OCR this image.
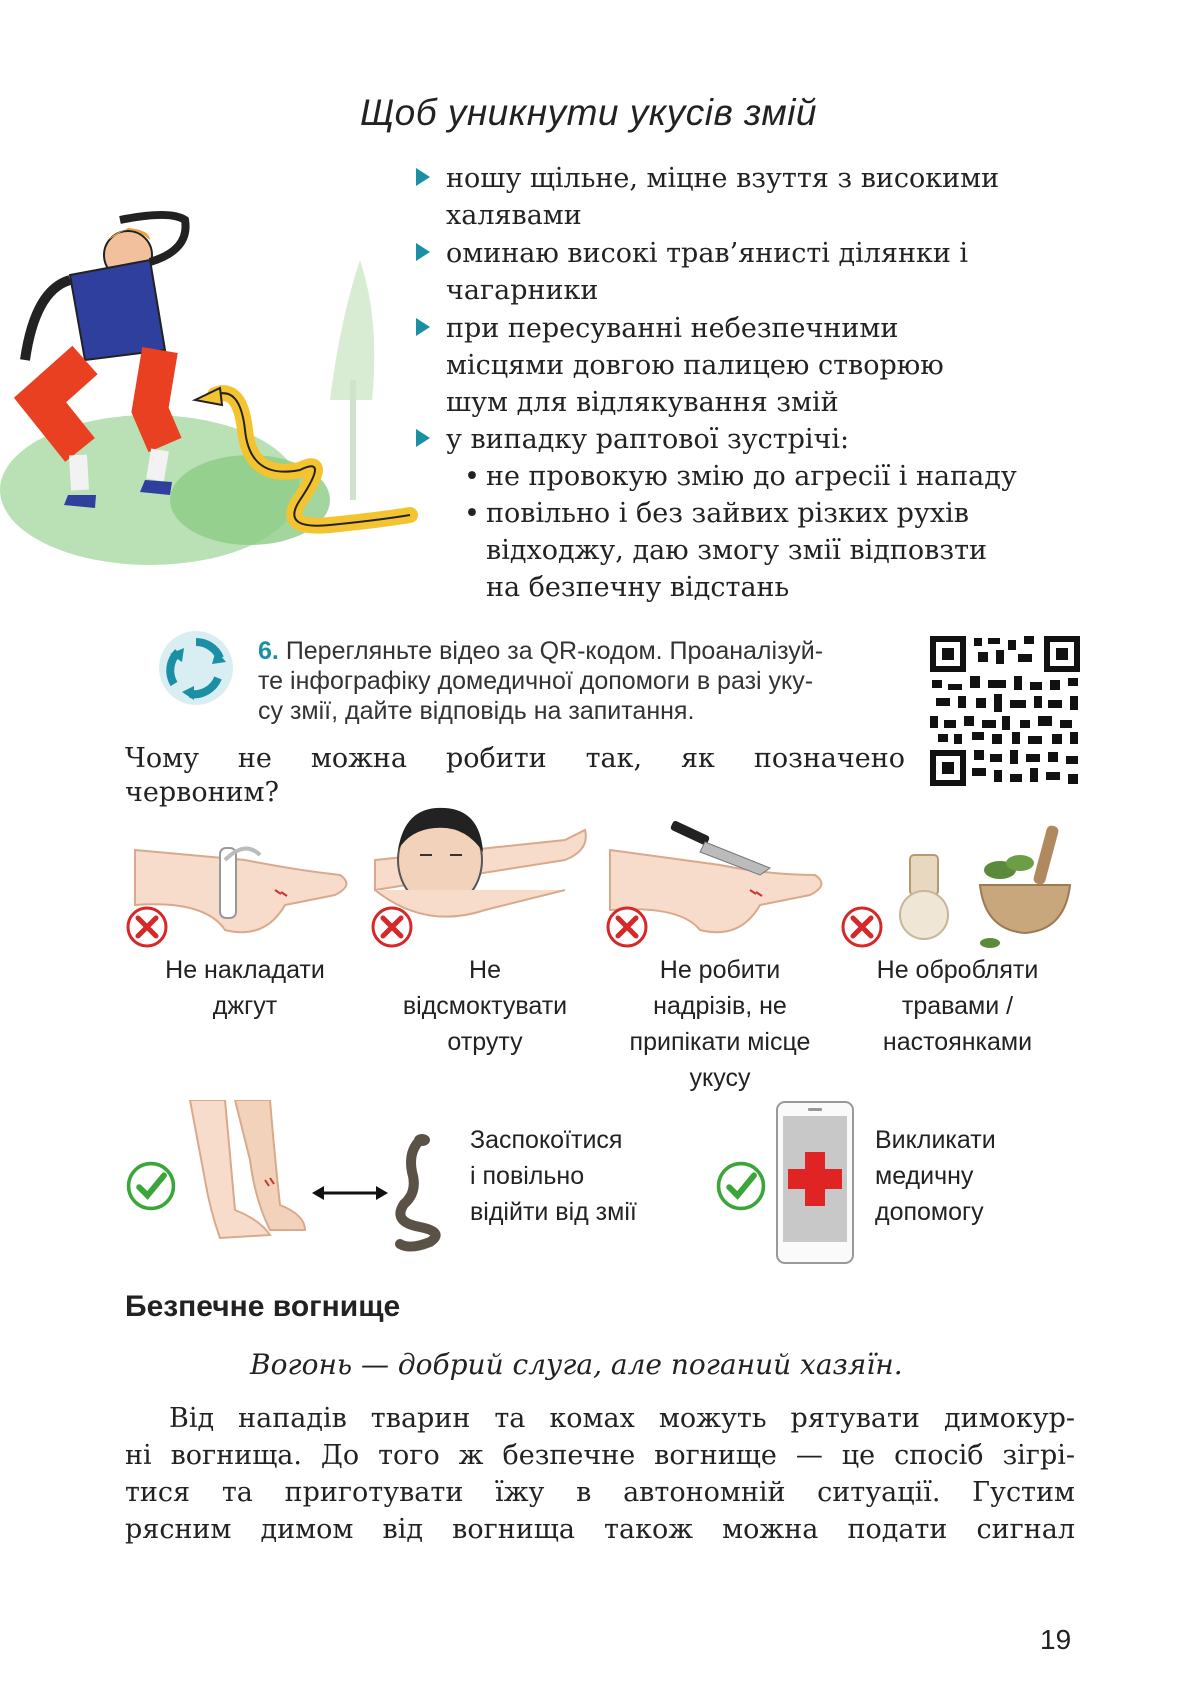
Щоб уникнути укусів змій
ношу щільне, міцне взуття з високими
халявами
оминаю високі трав’янисті ділянки і
чагарники
при пересуванні небезпечними
місцями довгою палицею створюю
шум для відлякування змій
у випадку раптової зустрічі:
• не провокую змію до агресії і нападу
• повільно і без зайвих різких рухів
відходжу, даю змогу змії відповзти
на безпечну відстань
6. Перегляньте відео за QR-кодом. Проаналізуй-
те інфографіку домедичної допомоги в разі уку-
су змії, дайте відповідь на запитання.
Чому не можна робити так, як позначено
червоним?
Не накладати
джгут
Не
відсмоктувати
отруту
Не робити
надрізів, не
припікати місце
укусу
Не обробляти
травами /
настоянками
Заспокоїтися
і повільно
відійти від змії
Викликати
медичну
допомогу
Безпечне вогнище
Вогонь — добрий слуга, але поганий хазяїн.
Від нападів тварин та комах можуть рятувати димокур-
ні вогнища. До того ж безпечне вогнище — це спосіб зігрі-
тися та приготувати їжу в автономній ситуації. Густим
рясним димом від вогнища також можна подати сигнал
19
